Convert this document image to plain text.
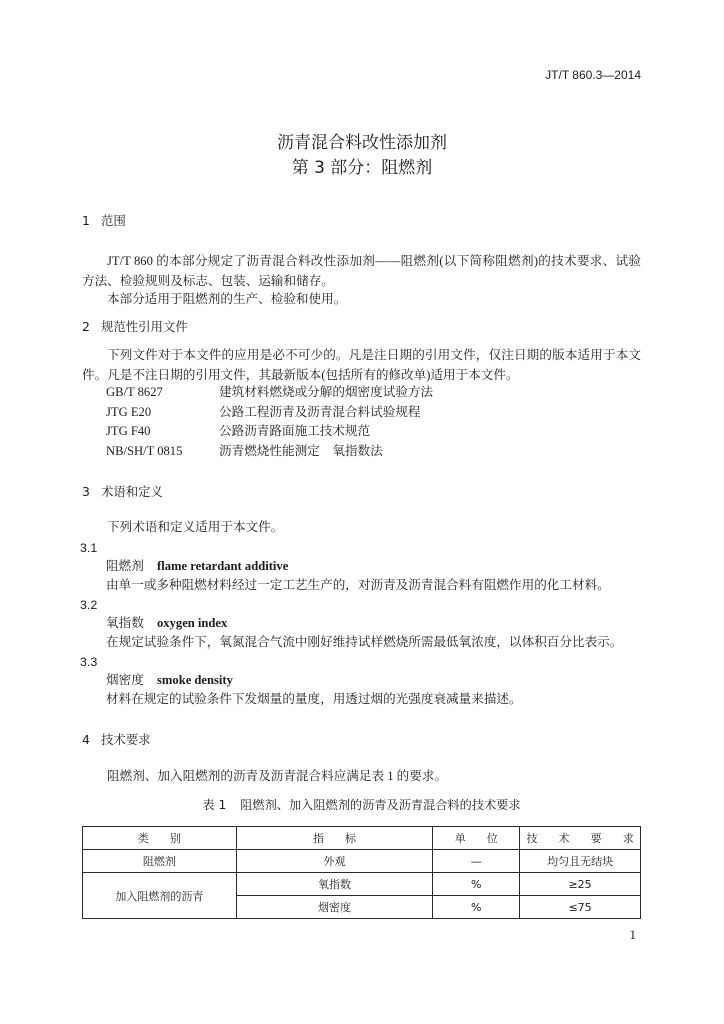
JT/T 860.3—2014
沥青混合料改性添加剂
第 3 部分：阻燃剂
1 范围
JT/T 860 的本部分规定了沥青混合料改性添加剂——阻燃剂(以下简称阻燃剂)的技术要求、试验方法、检验规则及标志、包装、运输和储存。
本部分适用于阻燃剂的生产、检验和使用。
2 规范性引用文件
下列文件对于本文件的应用是必不可少的。凡是注日期的引用文件，仅注日期的版本适用于本文件。凡是不注日期的引用文件，其最新版本(包括所有的修改单)适用于本文件。
GB/T 8627	建筑材料燃烧或分解的烟密度试验方法
JTG E20	公路工程沥青及沥青混合料试验规程
JTG F40	公路沥青路面施工技术规范
NB/SH/T 0815	沥青燃烧性能测定　氧指数法
3 术语和定义
下列术语和定义适用于本文件。
3.1
阻燃剂 flame retardant additive
由单一或多种阻燃材料经过一定工艺生产的，对沥青及沥青混合料有阻燃作用的化工材料。
3.2
氧指数 oxygen index
在规定试验条件下，氧氮混合气流中刚好维持试样燃烧所需最低氧浓度，以体积百分比表示。
3.3
烟密度 smoke density
材料在规定的试验条件下发烟量的量度，用透过烟的光强度衰减量来描述。
4 技术要求
阻燃剂、加入阻燃剂的沥青及沥青混合料应满足表 1 的要求。
表 1 阻燃剂、加入阻燃剂的沥青及沥青混合料的技术要求
类 别	指 标	单 位	技 术 要 求
阻燃剂	外观	—	均匀且无结块
加入阻燃剂的沥青	氧指数	%	≥25
	烟密度	%	≤75
1
